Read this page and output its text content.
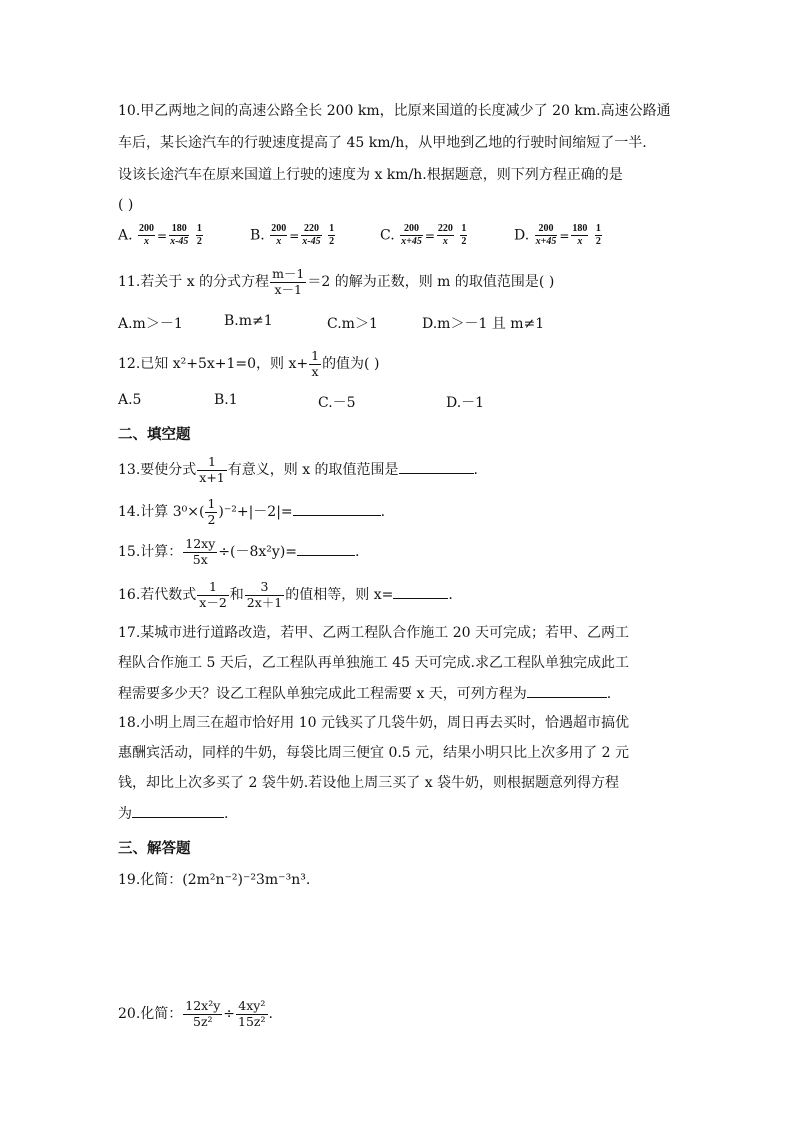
10.甲乙两地之间的高速公路全长 200 km，比原来国道的长度减少了 20 km.高速公路通
车后，某长途汽车的行驶速度提高了 45 km/h，从甲地到乙地的行驶时间缩短了一半.
设该长途汽车在原来国道上行驶的速度为 x km/h.根据题意，则下列方程正确的是
( )
A. $\frac{200}{x} = \frac{180}{x-45}$
$\frac{1}{2}$	B. $\frac{200}{x} = \frac{220}{x-45}$
$\frac{1}{2}$	C. $\frac{200}{x+45} = \frac{220}{x}$
$\frac{1}{2}$	D. $\frac{200}{x+45} = \frac{180}{x}$
$\frac{1}{2}$
11.若关于 x 的分式方程 $\frac{m-1}{x-1} =2$ 的解为正数，则 m 的取值范围是( )
A.m＞－1	B.m≠1	C.m＞1	D.m＞－1 且 m≠1
12.已知 x²+5x+1=0，则 $x+ \frac{1}{x}$ 的值为( )
A.5	B.1	C.－5	D.－1
二、填空题
13.要使分式 $\frac{1}{x+1}$ 有意义，则 x 的取值范围是	.
14.计算 $3^0\times( \frac{1}{2} )^{-2}+|-2|=$	.
15.计算： $\frac{12xy}{5x} \div(-8x^2y)=$	.
16.若代数式 $\frac{1}{x-2}$ 和 $\frac{3}{2x+1}$ 的值相等，则 x=	.
17.某城市进行道路改造，若甲、乙两工程队合作施工 20 天可完成；若甲、乙两工
程队合作施工 5 天后，乙工程队再单独施工 45 天可完成.求乙工程队单独完成此工
程需要多少天？设乙工程队单独完成此工程需要 x 天，可列方程为	.
18.小明上周三在超市恰好用 10 元钱买了几袋牛奶，周日再去买时，恰遇超市搞优
惠酬宾活动，同样的牛奶，每袋比周三便宜 0.5 元，结果小明只比上次多用了 2 元
钱，却比上次多买了 2 袋牛奶.若设他上周三买了 x 袋牛奶，则根据题意列得方程
为	.
三、解答题
19.化简：(2m²n⁻²)⁻²3m⁻³n³.
20.化简： $\frac{\text{12x²y}}{\text{5z²}} \div \frac{\text{4xy²}}{\text{15z²}}$ .
